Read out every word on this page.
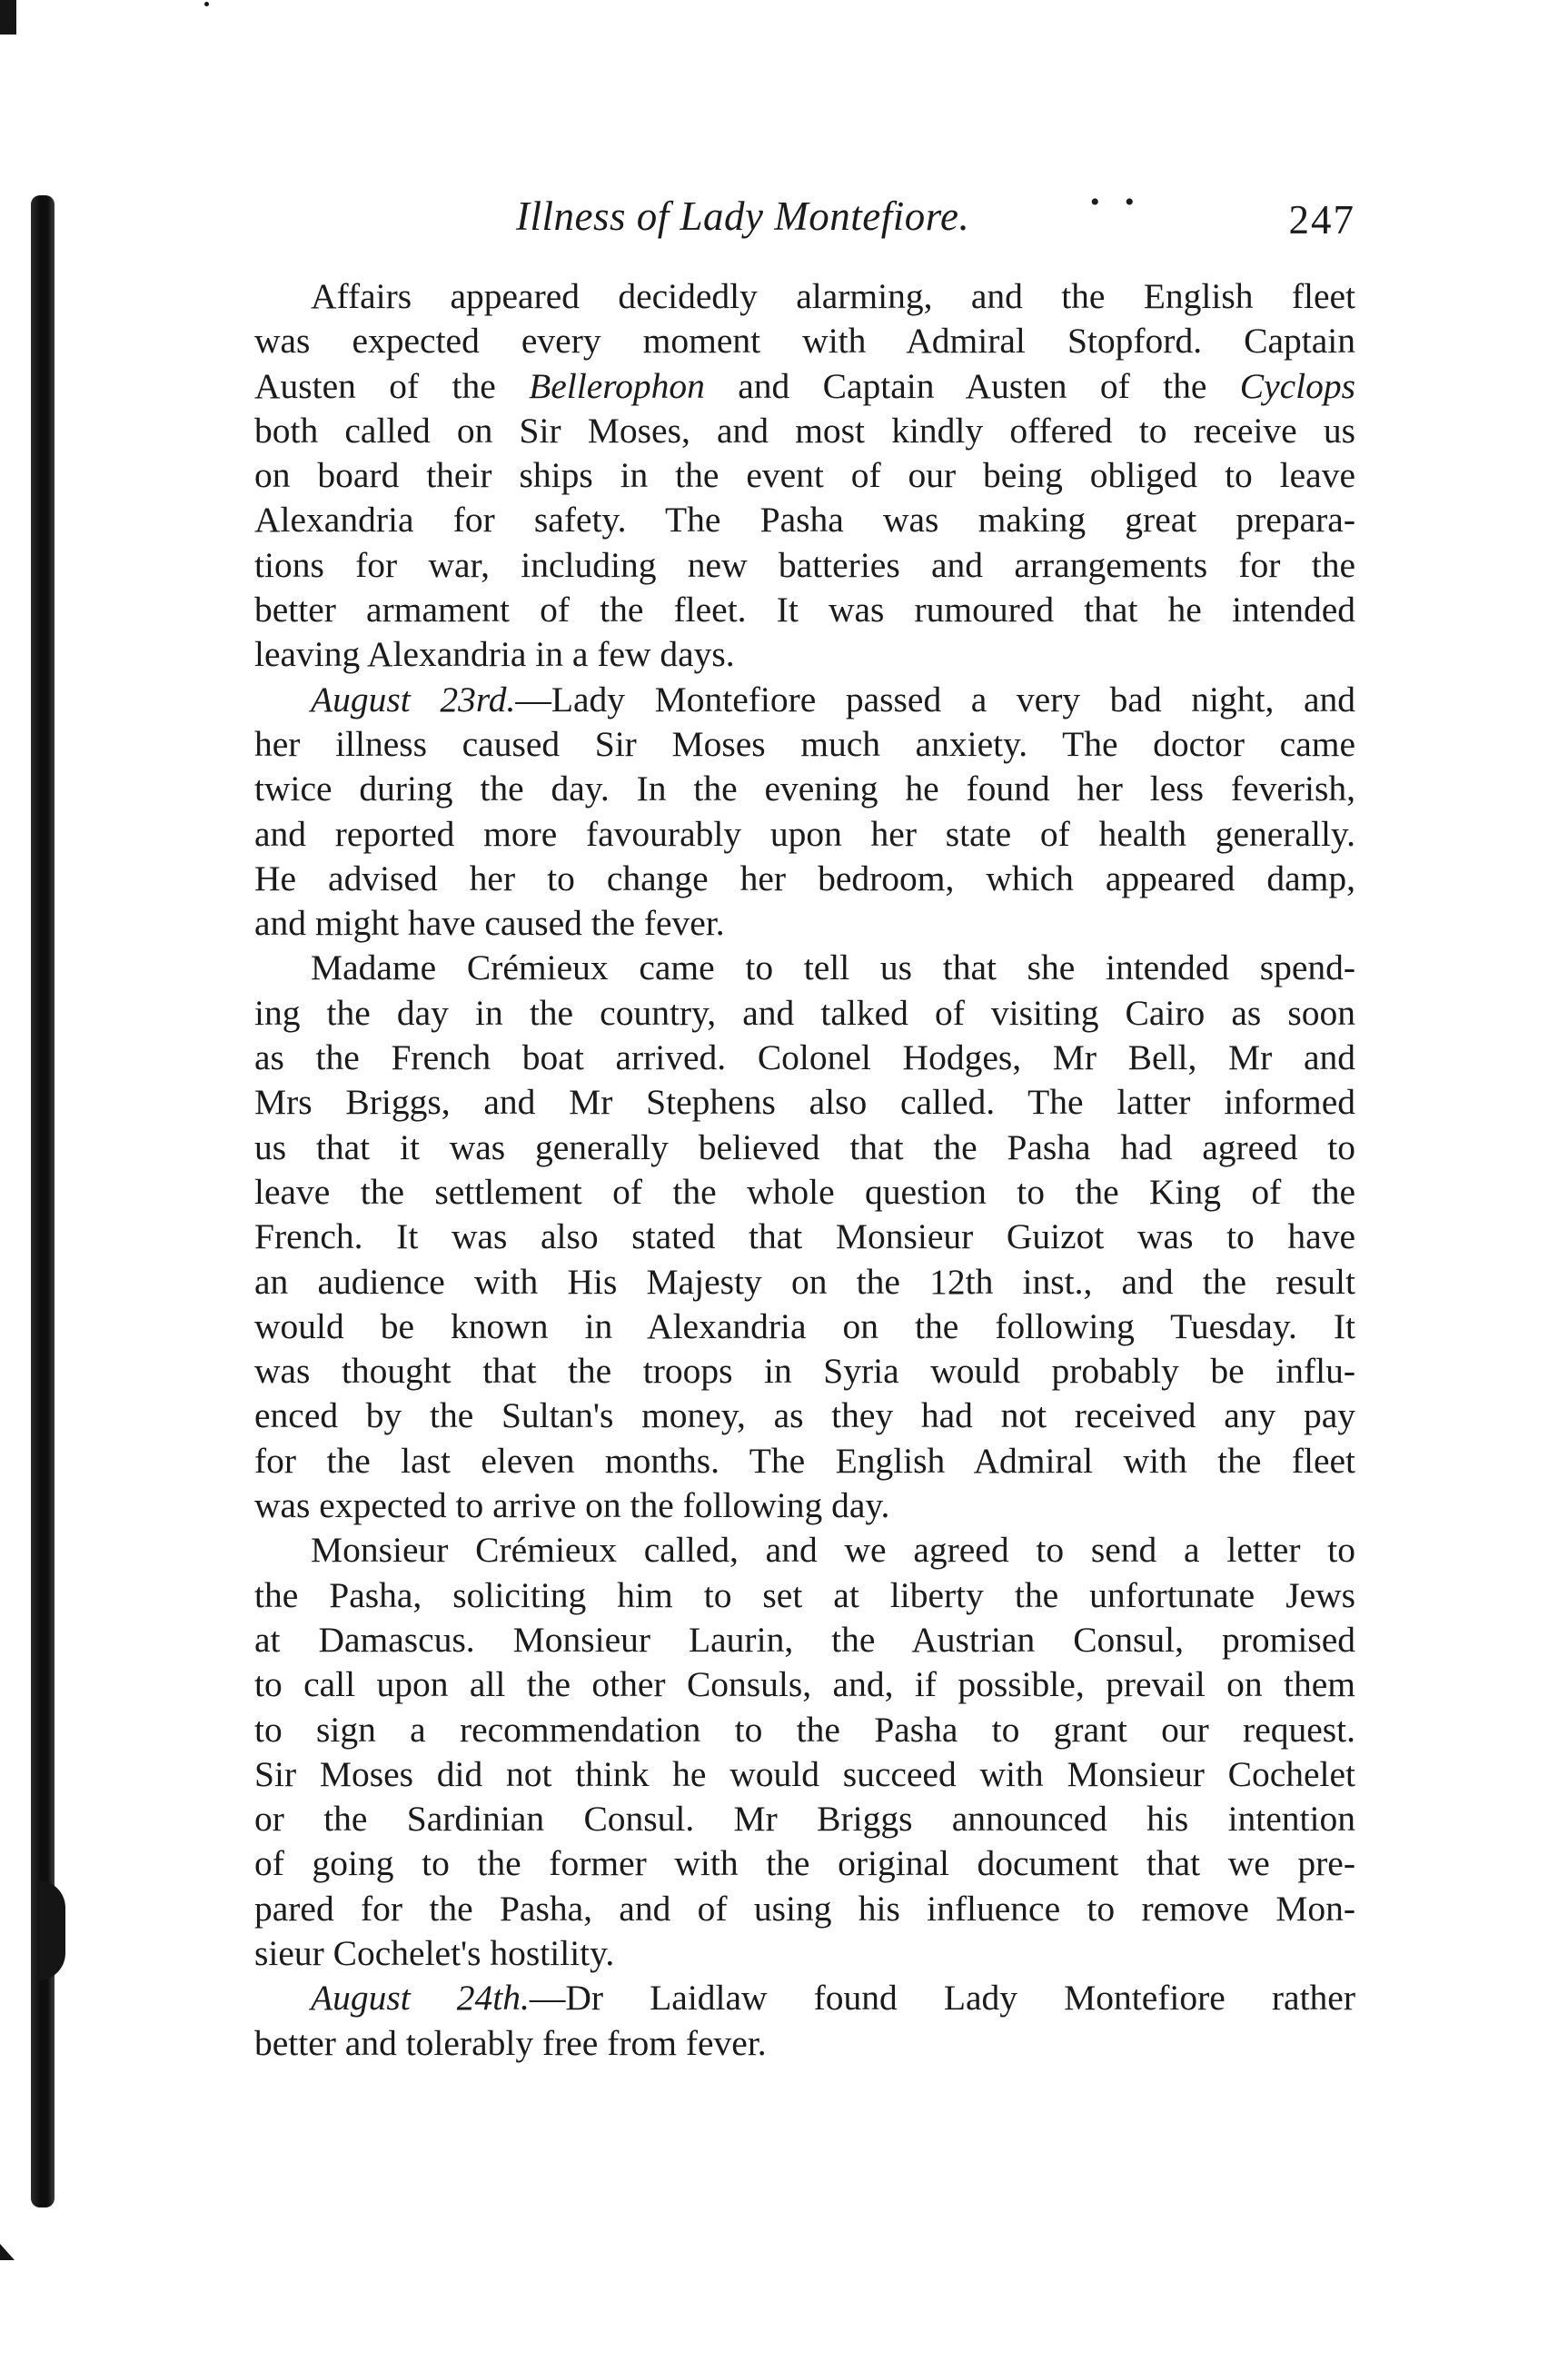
Illness of Lady Montefiore.	• •	247
Affairs appeared decidedly alarming, and the English fleet
was expected every moment with Admiral Stopford. Captain
Austen of the Bellerophon and Captain Austen of the Cyclops
both called on Sir Moses, and most kindly offered to receive us
on board their ships in the event of our being obliged to leave
Alexandria for safety. The Pasha was making great prepara-
tions for war, including new batteries and arrangements for the
better armament of the fleet. It was rumoured that he intended
leaving Alexandria in a few days.
August 23rd.—Lady Montefiore passed a very bad night, and
her illness caused Sir Moses much anxiety. The doctor came
twice during the day. In the evening he found her less feverish,
and reported more favourably upon her state of health generally.
He advised her to change her bedroom, which appeared damp,
and might have caused the fever.
Madame Crémieux came to tell us that she intended spend-
ing the day in the country, and talked of visiting Cairo as soon
as the French boat arrived. Colonel Hodges, Mr Bell, Mr and
Mrs Briggs, and Mr Stephens also called. The latter informed
us that it was generally believed that the Pasha had agreed to
leave the settlement of the whole question to the King of the
French. It was also stated that Monsieur Guizot was to have
an audience with His Majesty on the 12th inst., and the result
would be known in Alexandria on the following Tuesday. It
was thought that the troops in Syria would probably be influ-
enced by the Sultan's money, as they had not received any pay
for the last eleven months. The English Admiral with the fleet
was expected to arrive on the following day.
Monsieur Crémieux called, and we agreed to send a letter to
the Pasha, soliciting him to set at liberty the unfortunate Jews
at Damascus. Monsieur Laurin, the Austrian Consul, promised
to call upon all the other Consuls, and, if possible, prevail on them
to sign a recommendation to the Pasha to grant our request.
Sir Moses did not think he would succeed with Monsieur Cochelet
or the Sardinian Consul. Mr Briggs announced his intention
of going to the former with the original document that we pre-
pared for the Pasha, and of using his influence to remove Mon-
sieur Cochelet's hostility.
August 24th.—Dr Laidlaw found Lady Montefiore rather
better and tolerably free from fever.
